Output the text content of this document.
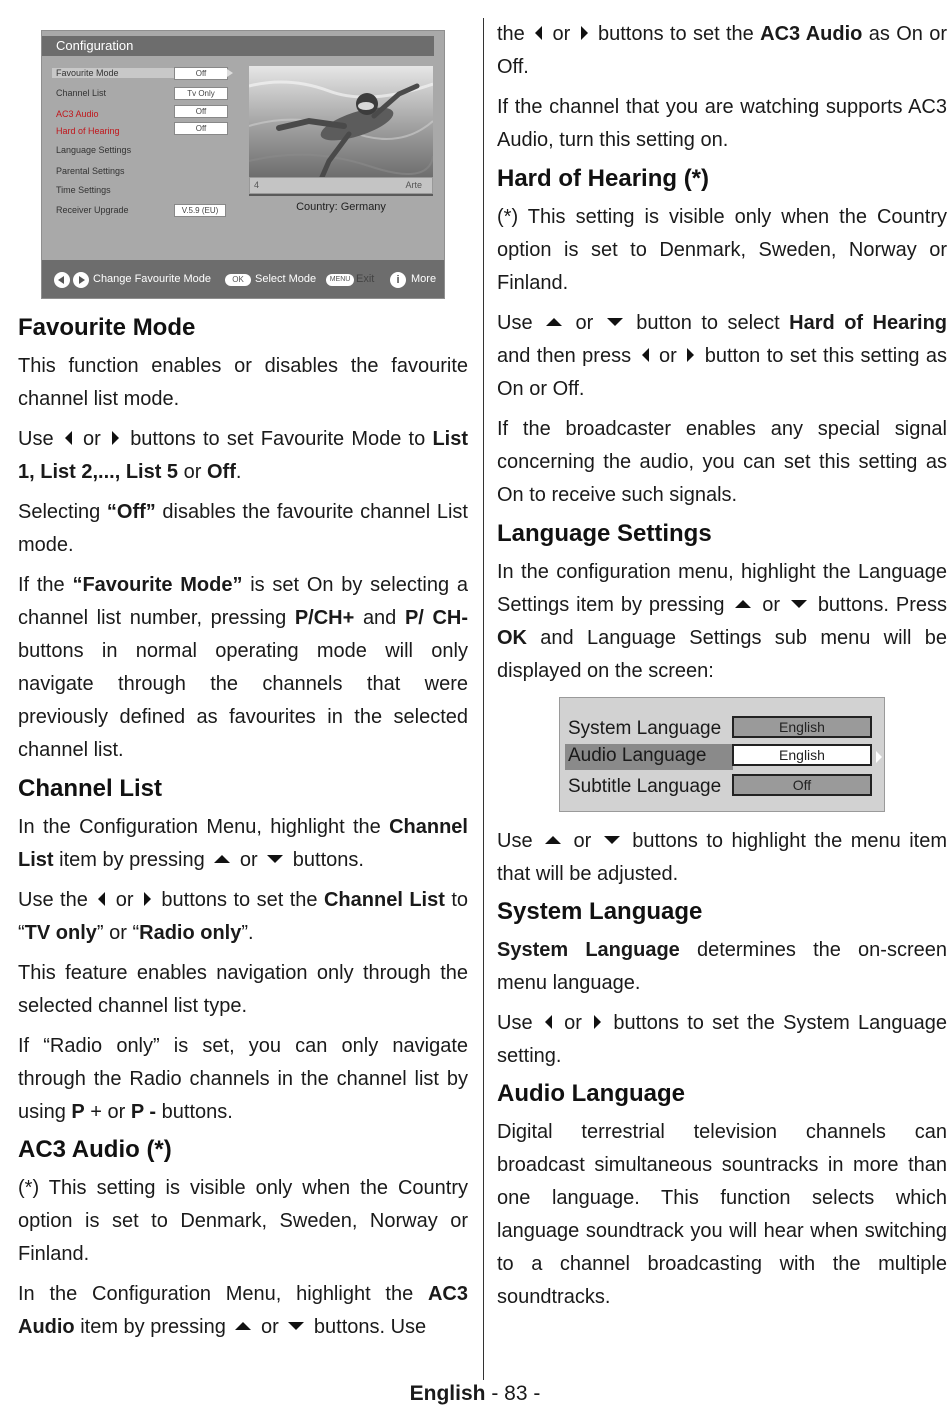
Configuration
Favourite Mode	Off
Channel List	Tv Only
AC3 Audio	Off
Hard of Hearing	Off
Language Settings
Parental Settings
Time Settings
Receiver Upgrade	V.5.9 (EU)
4	Arte
Country: Germany
Change Favourite Mode	OK	Select Mode	MENU Exit	i	More
Favourite Mode

This function enables or disables the favourite channel list mode.

Use or buttons to set Favourite Mode to List 1, List 2,..., List 5 or Off.

Selecting “Off” disables the favourite channel List mode.

If the “Favourite Mode” is set On by selecting a channel list number, pressing P/CH+ and P/ CH- buttons in normal operating mode will only navigate through the channels that were previously defined as favourites in the selected channel list.

Channel List

In the Configuration Menu, highlight the Channel List item by pressing or buttons.

Use the or buttons to set the Channel List to “TV only” or “Radio only”.

This feature enables navigation only through the selected channel list type.

If “Radio only” is set, you can only navigate through the Radio channels in the channel list by using P + or P - buttons.

AC3 Audio (*)

(*) This setting is visible only when the Country option is set to Denmark, Sweden, Norway or Finland.

In the Configuration Menu, highlight the AC3 Audio item by pressing or buttons. Use

the or buttons to set the AC3 Audio as On or Off.

If the channel that you are watching supports AC3 Audio, turn this setting on.

Hard of Hearing (*)

(*) This setting is visible only when the Country option is set to Denmark, Sweden, Norway or Finland.

Use or button to select Hard of Hearing and then press or button to set this setting as On or Off.

If the broadcaster enables any special signal concerning the audio, you can set this setting as On to receive such signals.

Language Settings

In the configuration menu, highlight the Language Settings item by pressing or buttons. Press OK and Language Settings sub menu will be displayed on the screen:

Use or buttons to highlight the menu item that will be adjusted.

System Language

System Language determines the on-screen menu language.

Use or buttons to set the System Language setting.

Audio Language

Digital terrestrial television channels can broadcast simultaneous sountracks in more than one language. This function selects which language soundtrack you will hear when switching to a channel broadcasting with the multiple soundtracks.

System Language	English
Audio Language	English
Subtitle Language	Off
English - 83 -
